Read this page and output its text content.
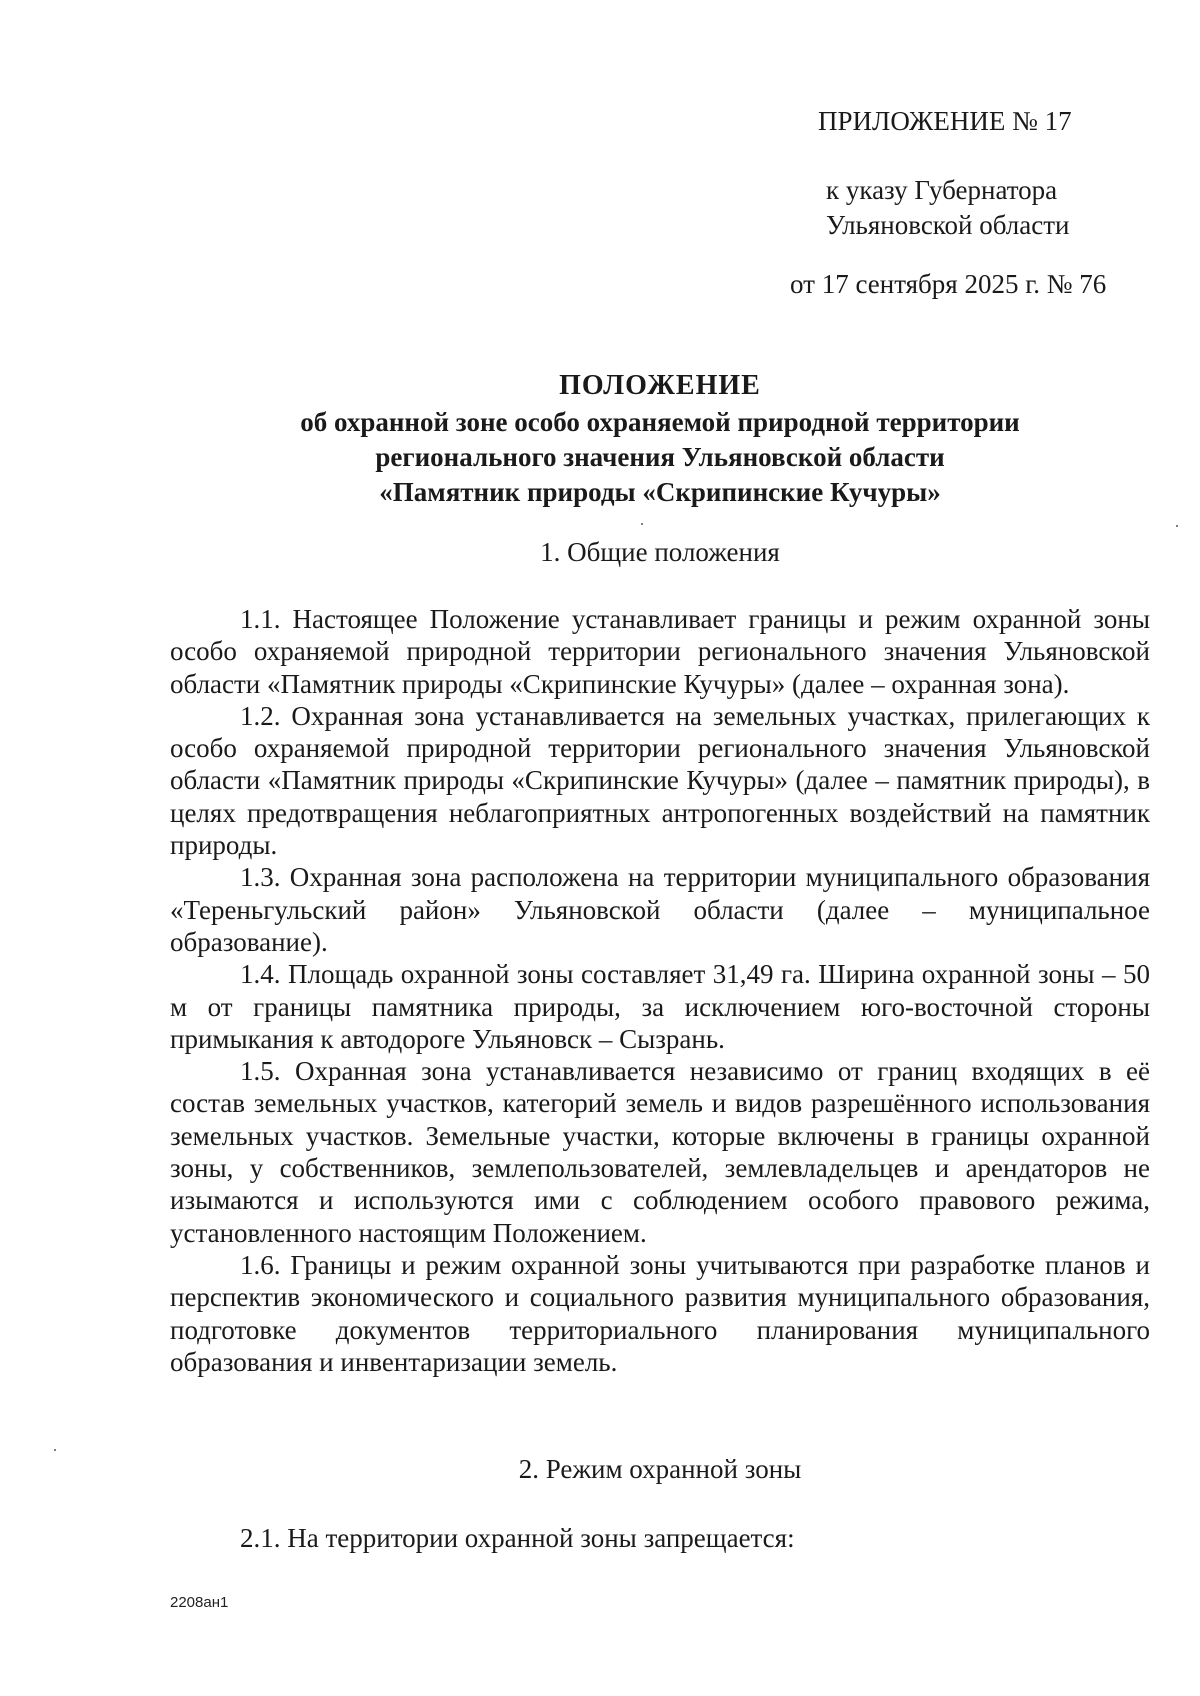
ПРИЛОЖЕНИЕ № 17
к указу Губернатора
Ульяновской области
от 17 сентября 2025 г. № 76
ПОЛОЖЕНИЕ
об охранной зоне особо охраняемой природной территории
регионального значения Ульяновской области
«Памятник природы «Скрипинские Кучуры»
1. Общие положения

1.1. Настоящее Положение устанавливает границы и режим охранной зоны особо охраняемой природной территории регионального значения Ульяновской области «Памятник природы «Скрипинские Кучуры» (далее – охранная зона).

1.2. Охранная зона устанавливается на земельных участках, прилегающих к особо охраняемой природной территории регионального значения Ульяновской области «Памятник природы «Скрипинские Кучуры» (далее – памятник природы), в целях предотвращения неблагоприятных антропогенных воздействий на памятник природы.

1.3. Охранная зона расположена на территории муниципального образования «Тереньгульский район» Ульяновской области (далее – муниципальное образование).

1.4. Площадь охранной зоны составляет 31,49 га. Ширина охранной зоны – 50 м от границы памятника природы, за исключением юго-восточной стороны примыкания к автодороге Ульяновск – Сызрань.

1.5. Охранная зона устанавливается независимо от границ входящих в её состав земельных участков, категорий земель и видов разрешённого использования земельных участков. Земельные участки, которые включены в границы охранной зоны, у собственников, землепользователей, землевладельцев и арендаторов не изымаются и используются ими с соблюдением особого правового режима, установленного настоящим Положением.

1.6. Границы и режим охранной зоны учитываются при разработке планов и перспектив экономического и социального развития муниципального образования, подготовке документов территориального планирования муниципального образования и инвентаризации земель.

2. Режим охранной зоны
2.1. На территории охранной зоны запрещается:
2208ан1
